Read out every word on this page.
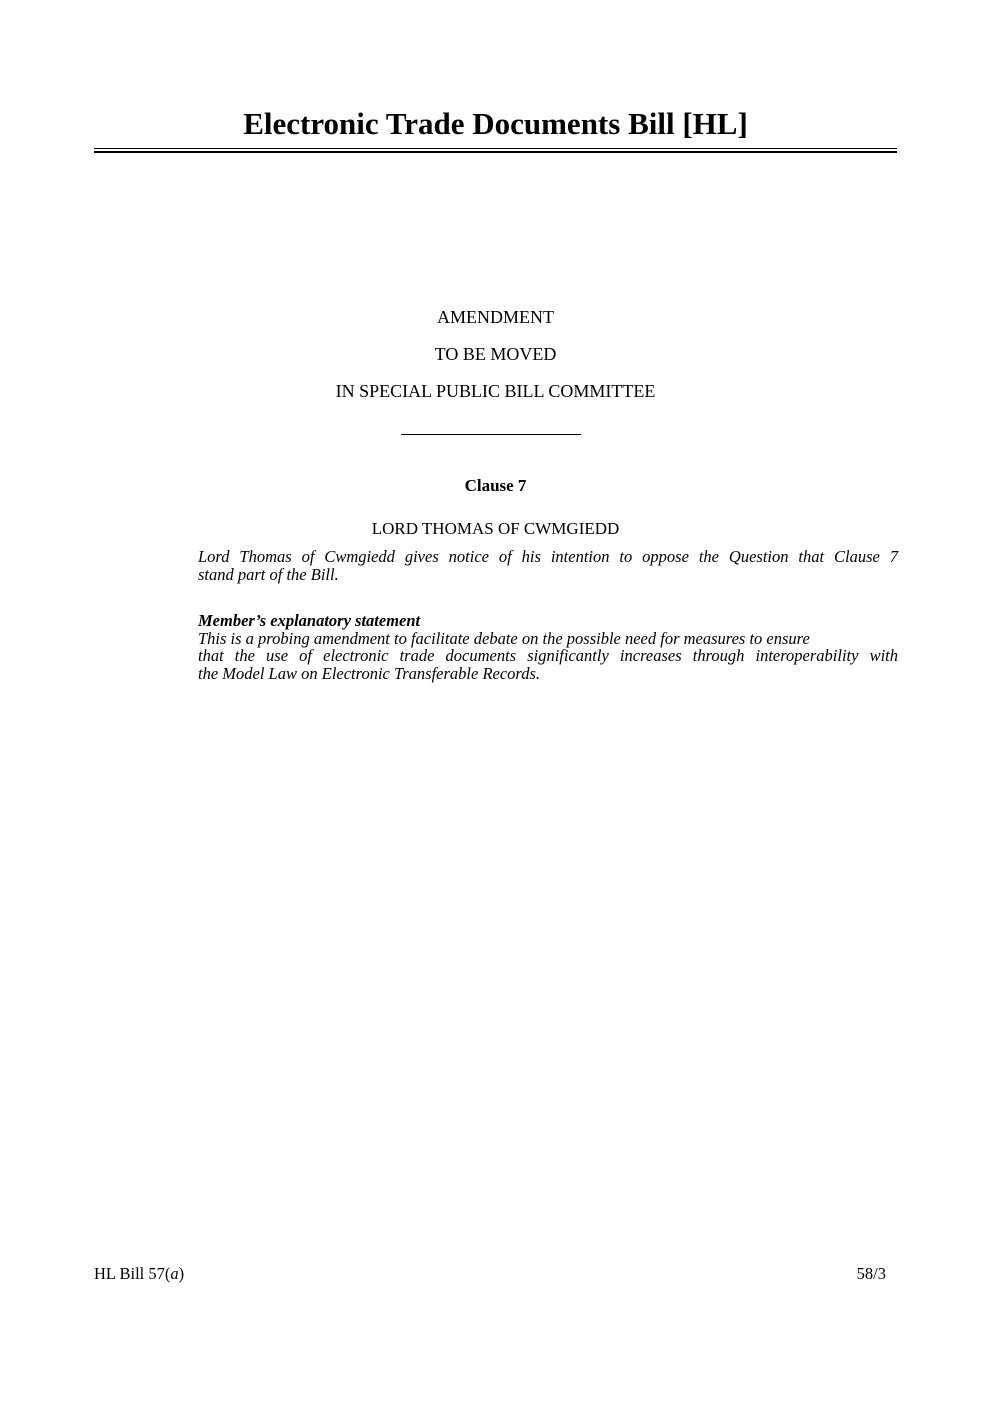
Electronic Trade Documents Bill [HL]
AMENDMENT
TO BE MOVED
IN SPECIAL PUBLIC BILL COMMITTEE
Clause 7
LORD THOMAS OF CWMGIEDD
Lord Thomas of Cwmgiedd gives notice of his intention to oppose the Question that Clause 7
stand part of the Bill.
Member’s explanatory statement
This is a probing amendment to facilitate debate on the possible need for measures to ensure
that the use of electronic trade documents significantly increases through interoperability with
the Model Law on Electronic Transferable Records.
HL Bill 57(a)	58/3
